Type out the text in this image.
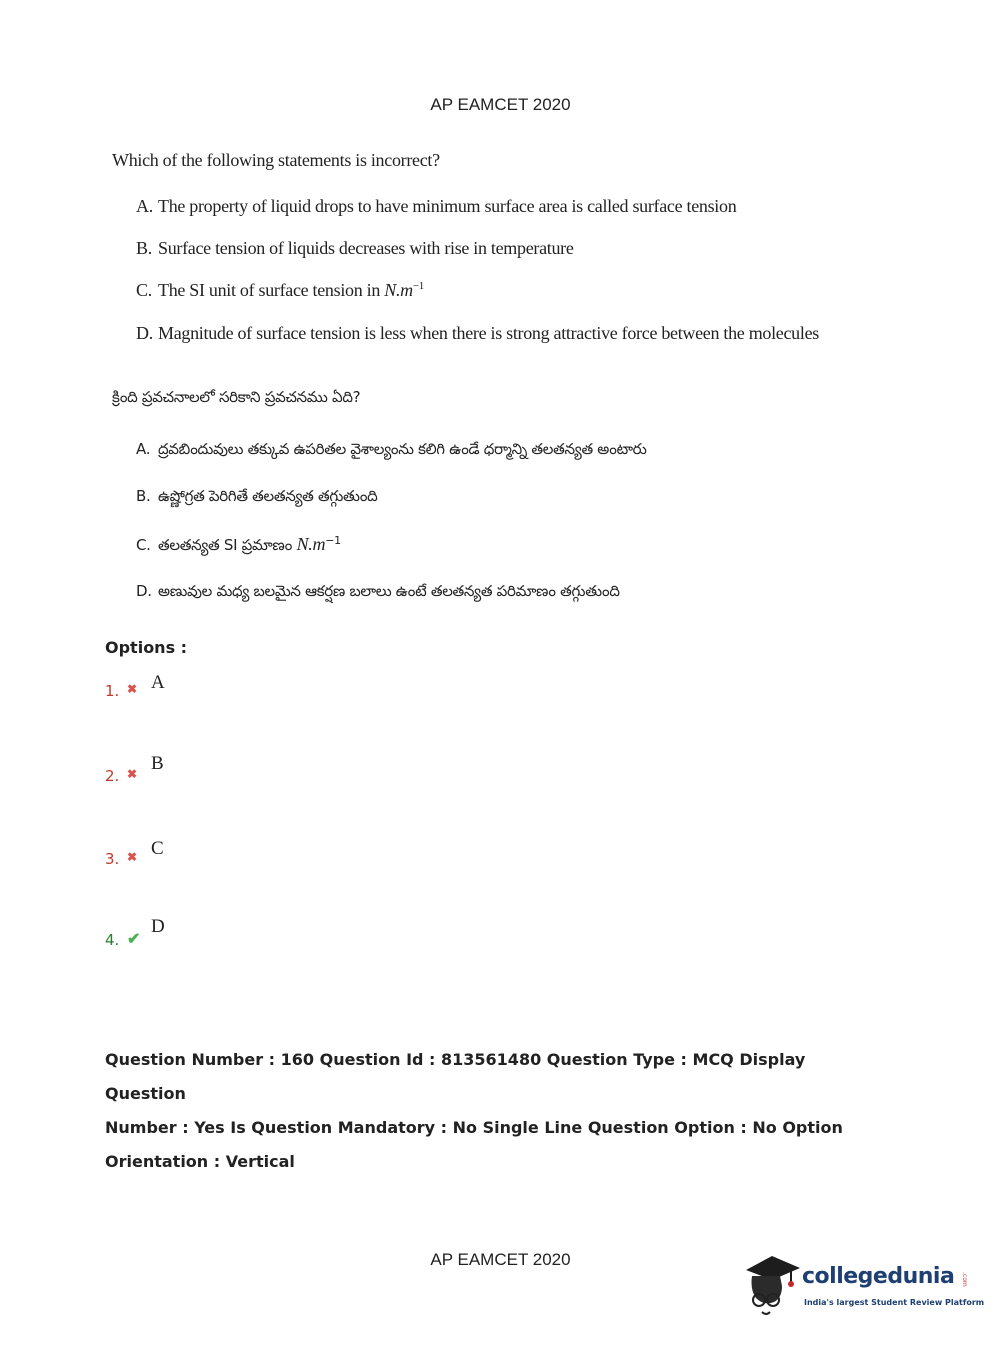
AP EAMCET 2020
Which of the following statements is incorrect?
A. The property of liquid drops to have minimum surface area is called surface tension
B. Surface tension of liquids decreases with rise in temperature
C. The SI unit of surface tension in $N.m^{-1}$
D. Magnitude of surface tension is less when there is strong attractive force between the molecules
క్రింది ప్రవచనాలలో సరికాని ప్రవచనము ఏది?
A. ద్రవబిందువులు తక్కువ ఉపరితల వైశాల్యంను కలిగి ఉండే ధర్మాన్ని తలతన్యత అంటారు
B. ఉష్ణోగ్రత పెరిగితే తలతన్యత తగ్గుతుంది
C. తలతన్యత SI ప్రమాణం $N.m^{-1}$
D. అణువుల మధ్య బలమైన ఆకర్షణ బలాలు ఉంటే తలతన్యత పరిమాణం తగ్గుతుంది
Options :
1. ✖ A
2. ✖ B
3. ✖ C
4. ✔
D
Question Number : 160 Question Id : 813561480 Question Type : MCQ Display Question
Number : Yes Is Question Mandatory : No Single Line Question Option : No Option
Orientation : Vertical
AP EAMCET 2020
collegedunia .com
India's largest Student Review Platform
